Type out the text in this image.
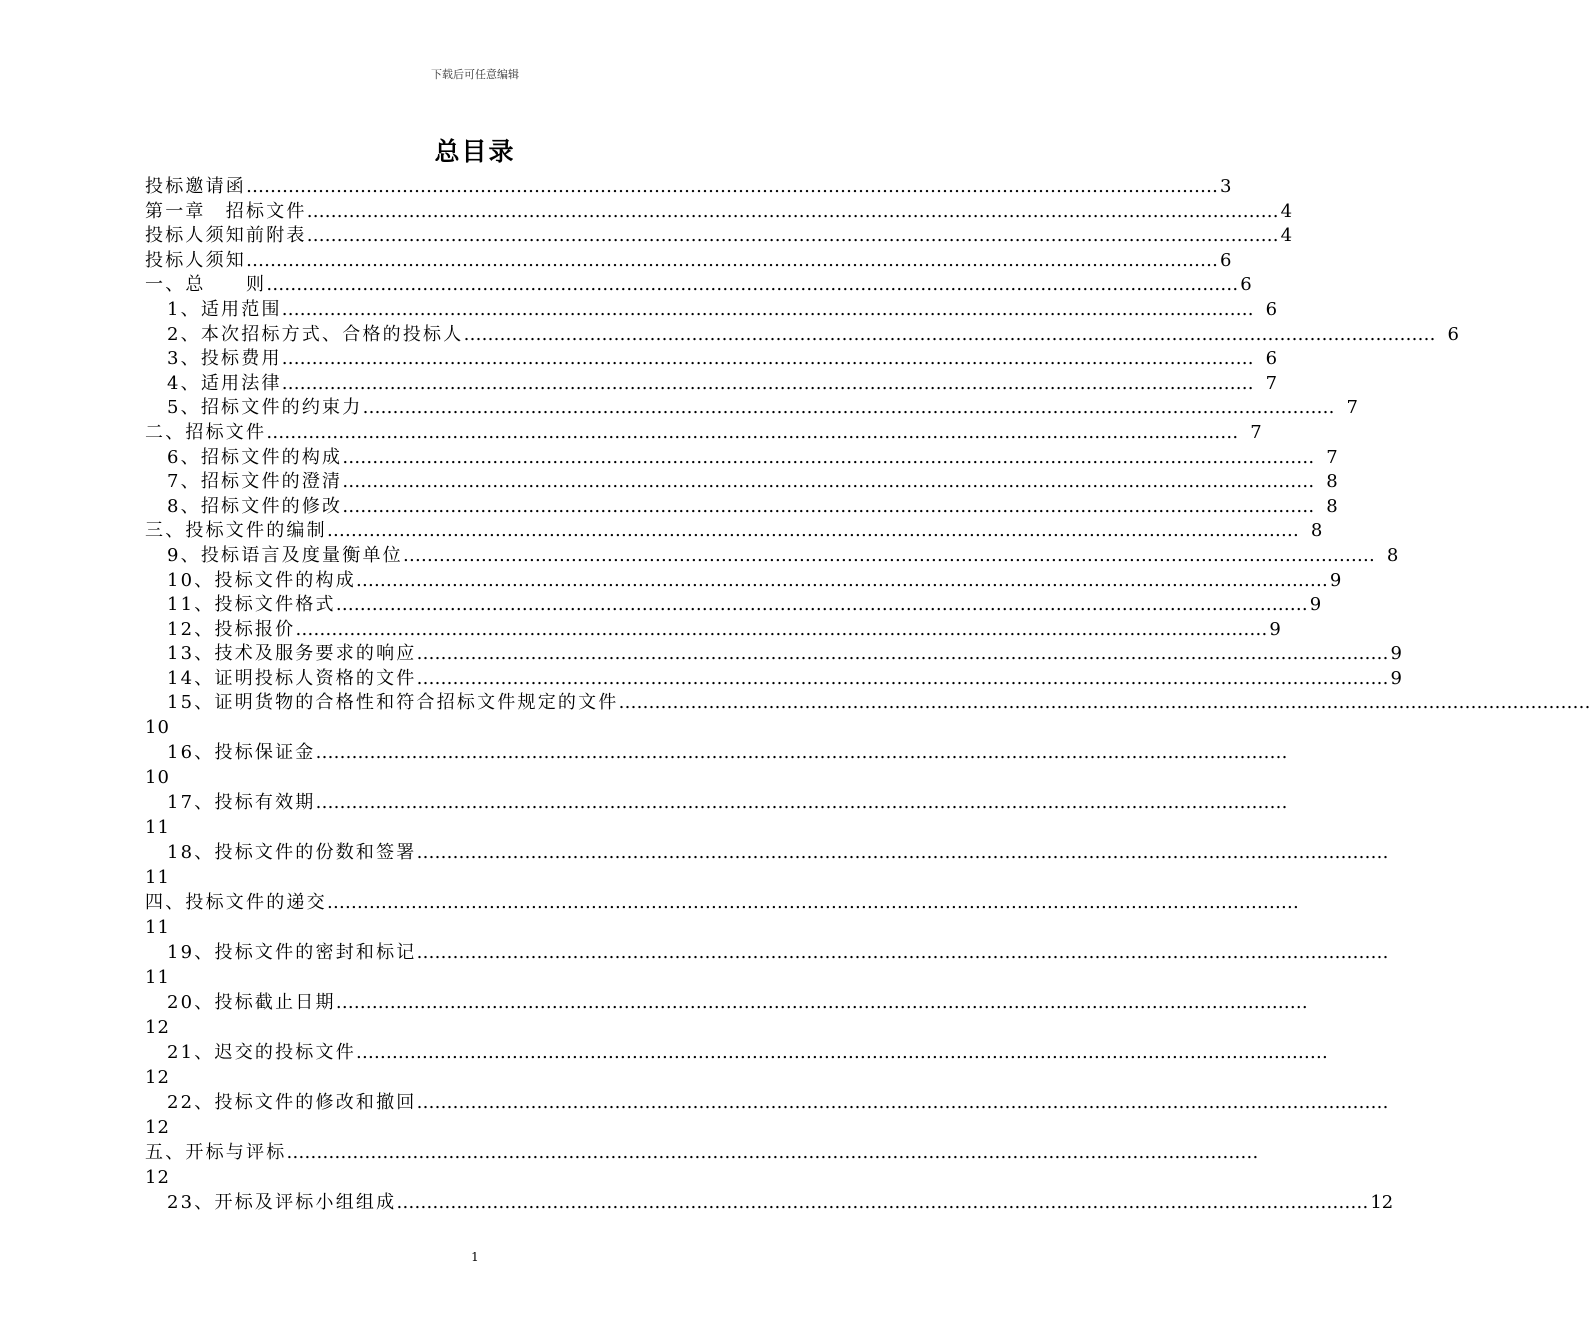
下载后可任意编辑
总目录
投标邀请函 ……………………………………………………………………………………………………………………………………………… 3
第一章　招标文件 ……………………………………………………………………………………………………………………………………………… 4
投标人须知前附表 ……………………………………………………………………………………………………………………………………………… 4
投标人须知 ……………………………………………………………………………………………………………………………………………… 6
一、总　　则 ……………………………………………………………………………………………………………………………………………… 6
1、适用范围 ……………………………………………………………………………………………………………………………………………… 6
2、本次招标方式、合格的投标人 ……………………………………………………………………………………………………………………………………………… 6
3、投标费用 ……………………………………………………………………………………………………………………………………………… 6
4、适用法律 ……………………………………………………………………………………………………………………………………………… 7
5、招标文件的约束力 ……………………………………………………………………………………………………………………………………………… 7
二、招标文件 ……………………………………………………………………………………………………………………………………………… 7
6、招标文件的构成 ……………………………………………………………………………………………………………………………………………… 7
7、招标文件的澄清 ……………………………………………………………………………………………………………………………………………… 8
8、招标文件的修改 ……………………………………………………………………………………………………………………………………………… 8
三、投标文件的编制 ……………………………………………………………………………………………………………………………………………… 8
9、投标语言及度量衡单位 ……………………………………………………………………………………………………………………………………………… 8
10、投标文件的构成 ……………………………………………………………………………………………………………………………………………… 9
11、投标文件格式 ……………………………………………………………………………………………………………………………………………… 9
12、投标报价 ……………………………………………………………………………………………………………………………………………… 9
13、技术及服务要求的响应 ……………………………………………………………………………………………………………………………………………… 9
14、证明投标人资格的文件 ……………………………………………………………………………………………………………………………………………… 9
15、证明货物的合格性和符合招标文件规定的文件 ………………………………………………………………………………………………………………………………………………
10
16、投标保证金 ………………………………………………………………………………………………………………………………………………
10
17、投标有效期 ………………………………………………………………………………………………………………………………………………
11
18、投标文件的份数和签署 ………………………………………………………………………………………………………………………………………………
11
四、投标文件的递交 ………………………………………………………………………………………………………………………………………………
11
19、投标文件的密封和标记 ………………………………………………………………………………………………………………………………………………
11
20、投标截止日期 ………………………………………………………………………………………………………………………………………………
12
21、迟交的投标文件 ………………………………………………………………………………………………………………………………………………
12
22、投标文件的修改和撤回 ………………………………………………………………………………………………………………………………………………
12
五、开标与评标 ………………………………………………………………………………………………………………………………………………
12
23、开标及评标小组组成 ……………………………………………………………………………………………………………………………………………… 12
1
